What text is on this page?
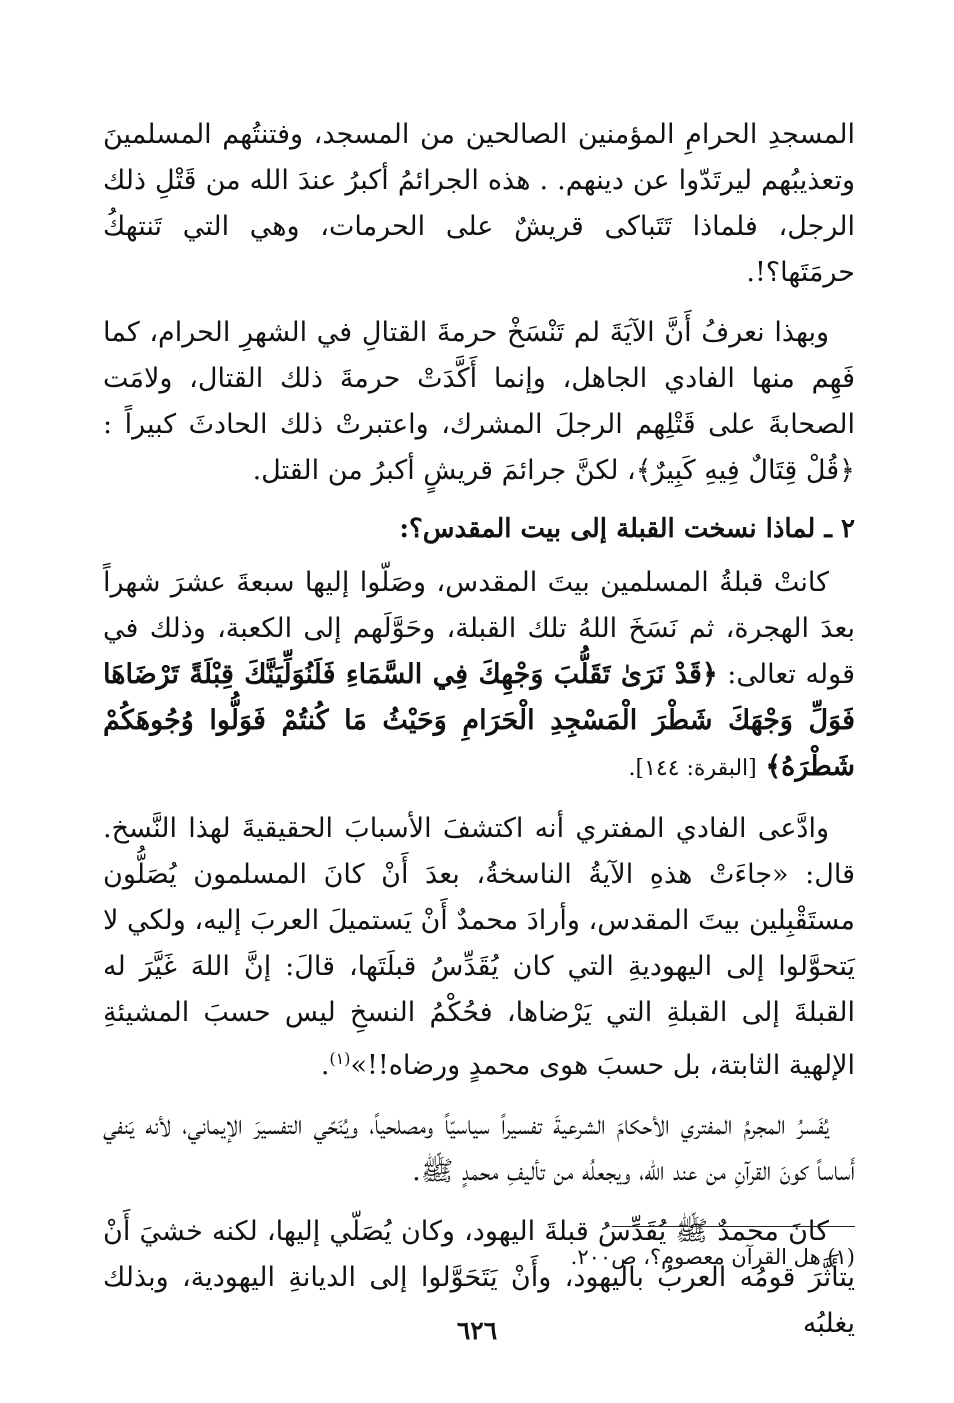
المسجدِ الحرامِ المؤمنين الصالحين من المسجد، وفتنتُهم المسلمينَ وتعذيبُهم ليرتَدّوا عن دينهم. . هذه الجرائمُ أكبرُ عندَ الله من قَتْلِ ذلك الرجل، فلماذا تَتَباكى قريشٌ على الحرمات، وهي التي تَنتهكُ حرمَتَها؟!.

وبهذا نعرفُ أَنَّ الآيَةَ لم تَنْسَخْ حرمةَ القتالِ في الشهرِ الحرام، كما فَهِم منها الفادي الجاهل، وإنما أَكَّدَتْ حرمةَ ذلك القتال، ولامَت الصحابةَ على قَتْلِهم الرجلَ المشرك، واعتبرتْ ذلك الحادثَ كبيراً : ﴿قُلْ قِتَالٌ فِيهِ كَبِيرٌ﴾، لكنَّ جرائمَ قريشٍ أكبرُ من القتل.

٢ ـ لماذا نسخت القبلة إلى بيت المقدس؟:

كانتْ قبلةُ المسلمين بيتَ المقدس، وصَلّوا إليها سبعةَ عشرَ شهراً بعدَ الهجرة، ثم نَسَخَ اللهُ تلك القبلة، وحَوَّلَهم إلى الكعبة، وذلك في قوله تعالى: ﴿قَدْ نَرَىٰ تَقَلُّبَ وَجْهِكَ فِي السَّمَاءِ فَلَنُوَلِّيَنَّكَ قِبْلَةً تَرْضَاهَا فَوَلِّ وَجْهَكَ شَطْرَ الْمَسْجِدِ الْحَرَامِ وَحَيْثُ مَا كُنتُمْ فَوَلُّوا وُجُوهَكُمْ شَطْرَهُ﴾ [البقرة: ١٤٤].

وادَّعى الفادي المفتري أنه اكتشفَ الأسبابَ الحقيقيةَ لهذا النَّسخ. قال: «جاءَتْ هذهِ الآيةُ الناسخةُ، بعدَ أَنْ كانَ المسلمون يُصَلُّون مستَقْبِلين بيتَ المقدس، وأرادَ محمدٌ أَنْ يَستميلَ العربَ إليه، ولكي لا يَتحوَّلوا إلى اليهوديةِ التي كان يُقَدِّسُ قبلَتَها، قالَ: إنَّ اللهَ غَيَّرَ له القبلةَ إلى القبلةِ التي يَرْضاها، فحُكْمُ النسخِ ليس حسبَ المشيئةِ الإلهية الثابتة، بل حسبَ هوى محمدٍ ورضاه!!»$^{(١)}$.

يُفَسرُ المجرمُ المفتري الأحكامَ الشرعيةَ تفسيراً سياسيّاً ومصلحياً، ويُنَحّي التفسيرَ الإيماني، لأنه يَنفي أَساساً كونَ القرآنِ من عند الله، ويجعلُه من تأليفِ محمدٍ ﷺ.

كانَ محمدٌ ﷺ يُقَدِّسُ قبلةَ اليهود، وكان يُصَلّي إليها، لكنه خشيَ أَنْ يتأَثَّرَ قومُه العربُ باليهود، وأَنْ يَتَحَوَّلوا إلى الديانةِ اليهودية، وبذلك يغلبُه

(١) هل القرآن معصوم؟، ص٢٠٠.
٦٢٦
